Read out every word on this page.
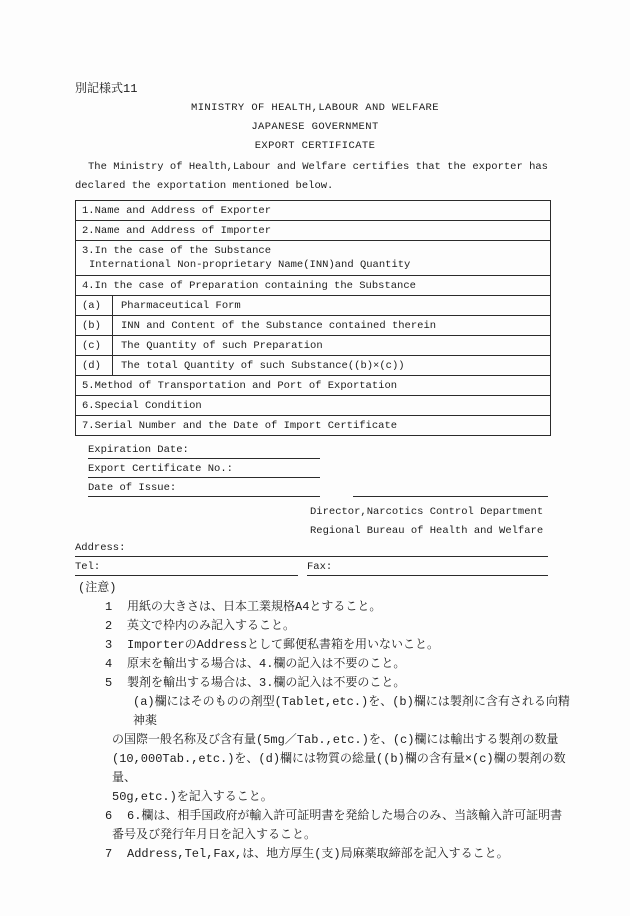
別記様式11
MINISTRY OF HEALTH,LABOUR AND WELFARE
JAPANESE GOVERNMENT
EXPORT CERTIFICATE
The Ministry of Health,Labour and Welfare certifies that the exporter has
declared the exportation mentioned below.
1.Name and Address of Exporter
2.Name and Address of Importer
3.In the case of the Substance
International Non-proprietary Name(INN)and Quantity
4.In the case of Preparation containing the Substance
(a)	Pharmaceutical Form
(b)	INN and Content of the Substance contained therein
(c)	The Quantity of such Preparation
(d)	The total Quantity of such Substance((b)×(c))
5.Method of Transportation and Port of Exportation
6.Special Condition
7.Serial Number and the Date of Import Certificate
Expiration Date:
Export Certificate No.:
Date of Issue:
Director,Narcotics Control Department
Regional Bureau of Health and Welfare
Address:
Tel:	Fax:
(注意)
1 用紙の大きさは、日本工業規格A4とすること。
2 英文で枠内のみ記入すること。
3 ImporterのAddressとして郵便私書箱を用いないこと。
4 原末を輸出する場合は、4.欄の記入は不要のこと。
5 製剤を輸出する場合は、3.欄の記入は不要のこと。
(a)欄にはそのものの剤型(Tablet,etc.)を、(b)欄には製剤に含有される向精神薬
の国際一般名称及び含有量(5mg／Tab.,etc.)を、(c)欄には輸出する製剤の数量
(10,000Tab.,etc.)を、(d)欄には物質の総量((b)欄の含有量×(c)欄の製剤の数量、
50g,etc.)を記入すること。
6 6.欄は、相手国政府が輸入許可証明書を発給した場合のみ、当該輸入許可証明書
番号及び発行年月日を記入すること。
7 Address,Tel,Fax,は、地方厚生(支)局麻薬取締部を記入すること。
